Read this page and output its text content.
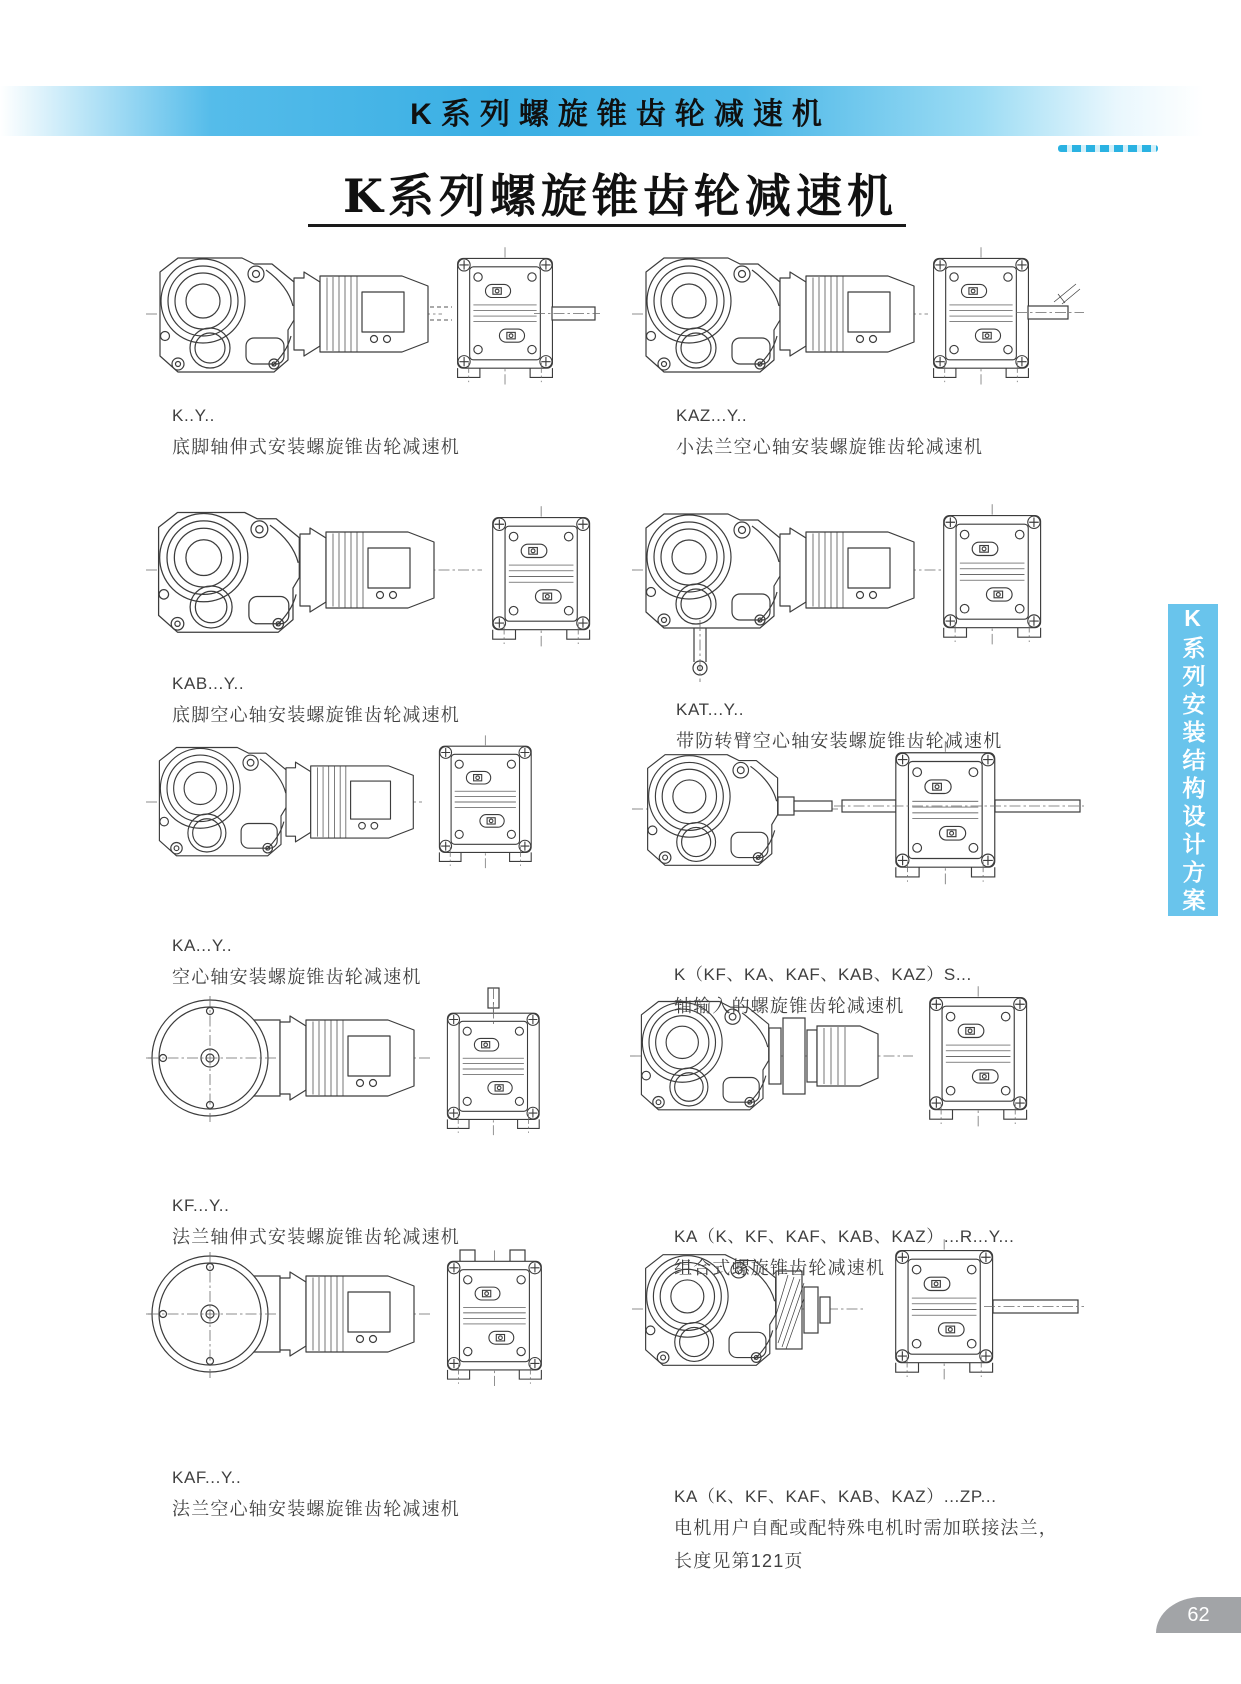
K系列螺旋锥齿轮减速机
K系列螺旋锥齿轮减速机
K..Y..
底脚轴伸式安装螺旋锥齿轮减速机
KAZ...Y..
小法兰空心轴安装螺旋锥齿轮减速机
KAB...Y..
底脚空心轴安装螺旋锥齿轮减速机	KAT...Y..
带防转臂空心轴安装螺旋锥齿轮减速机
KA...Y..
空心轴安装螺旋锥齿轮减速机	K（KF、KA、KAF、KAB、KAZ）S...
轴输入的螺旋锥齿轮减速机
KF...Y..
法兰轴伸式安装螺旋锥齿轮减速机	KA（K、KF、KAF、KAB、KAZ）...R...Y...
组合式螺旋锥齿轮减速机
KAF...Y..
法兰空心轴安装螺旋锥齿轮减速机
KA（K、KF、KAF、KAB、KAZ）...ZP...
电机用户自配或配特殊电机时需加联接法兰，
长度见第121页
K系列安装结构设计方案
62
